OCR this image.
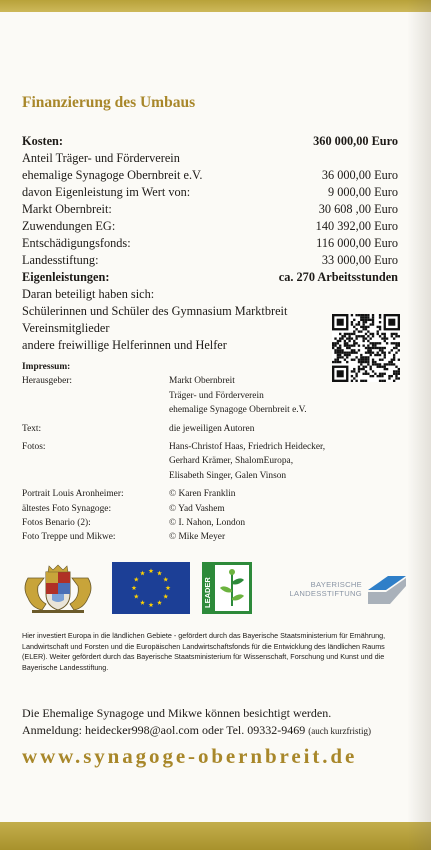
Finanzierung des Umbaus
Kosten:	360 000,00 Euro
Anteil Träger- und Förderverein
ehemalige Synagoge Obernbreit e.V.	36 000,00 Euro
davon Eigenleistung im Wert von:	9 000,00 Euro
Markt Obernbreit:	30 608 ,00 Euro
Zuwendungen EG:	140 392,00 Euro
Entschädigungsfonds:	116 000,00 Euro
Landesstiftung:	33 000,00 Euro
Eigenleistungen:	ca. 270 Arbeitsstunden
Daran beteiligt haben sich:
Schülerinnen und Schüler des Gymnasium Marktbreit
Vereinsmitglieder
andere freiwillige Helferinnen und Helfer
Impressum:
Herausgeber:	Markt Obernbreit
Träger- und Förderverein
ehemalige Synagoge Obernbreit e.V.
Text:	die jeweiligen Autoren
Fotos:	Hans-Christof Haas, Friedrich Heidecker,
Gerhard Krämer, ShalomEuropa,
Elisabeth Singer, Galen Vinson
Portrait Louis Aronheimer:	© Karen Franklin
ältestes Foto Synagoge:	© Yad Vashem
Fotos Benario (2):	© I. Nahon, London
Foto Treppe und Mikwe:	© Mike Meyer
LEADER	BAYERISCHE
LANDESSTIFTUNG
Hier investiert Europa in die ländlichen Gebiete - gefördert durch das Bayerische Staatsministerium für Ernährung, Landwirtschaft und Forsten und die Europäischen Landwirtschaftsfonds für die Entwicklung des ländlichen Raums (ELER). Weiter gefördert durch das Bayerische Staatsministerium für Wissenschaft, Forschung und Kunst und die Bayerische Landesstiftung.
Die Ehemalige Synagoge und Mikwe können besichtigt werden.
Anmeldung: heidecker998@aol.com oder Tel. 09332-9469 (auch kurzfristig)
www.synagoge-obernbreit.de
